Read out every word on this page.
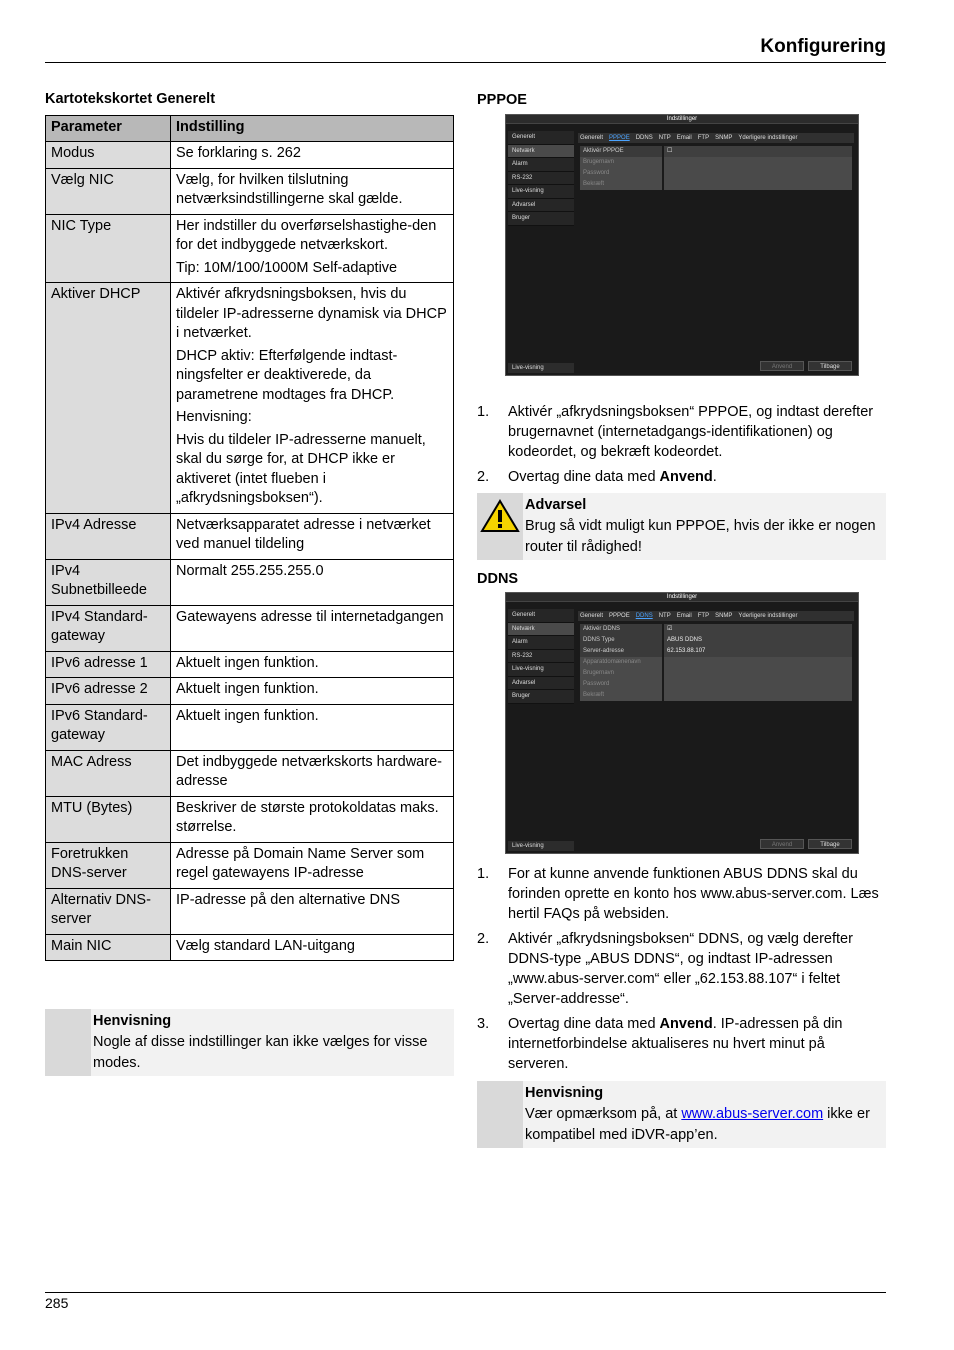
Konfigurering
Kartotekskortet Generelt
Parameter	Indstilling
Modus	Se forklaring s. 262

Vælg NIC	Vælg, for hvilken tilslutning netværksindstillingerne skal gælde.

NIC Type	Her indstiller du overførselshastighe-den for det indbyggede netværkskort.
Tip: 10M/100/1000M Self-adaptive

Aktiver DHCP	Aktivér afkrydsningsboksen, hvis du tildeler IP-adresserne dynamisk via DHCP i netværket.
DHCP aktiv: Efterfølgende indtast-ningsfelter er deaktiverede, da parametrene modtages fra DHCP.
Henvisning:
Hvis du tildeler IP-adresserne manuelt, skal du sørge for, at DHCP ikke er aktiveret (intet flueben i „afkrydsningsboksen“).

IPv4 Adresse	Netværksapparatet adresse i netværket ved manuel tildeling

IPv4 Subnetbilleede	Normalt 255.255.255.0

IPv4 Standard-gateway	Gatewayens adresse til internetadgangen

IPv6 adresse 1	Aktuelt ingen funktion.

IPv6 adresse 2	Aktuelt ingen funktion.

IPv6 Standard-gateway	Aktuelt ingen funktion.

MAC Adress	Det indbyggede netværkskorts hardware-adresse

MTU (Bytes)	Beskriver de største protokoldatas maks. størrelse.

Foretrukken DNS-server	Adresse på Domain Name Server som regel gatewayens IP-adresse

Alternativ DNS-server	IP-adresse på den alternative DNS

Main NIC	Vælg standard LAN-uitgang
Henvisning
Nogle af disse indstillinger kan ikke vælges for visse modes.
PPPOE
Indstillinger
Generelt
Netværk
Alarm
RS-232
Live-visning
Advarsel
Bruger
Generelt PPPOE DDNS NTP Email FTP SNMP Yderligere indstillinger
Aktivér PPPOE	☐
Brugernavn
Password
Bekræft
Live-visning	Anvend	Tilbage
1.	Aktivér „afkrydsningsboksen“ PPPOE, og indtast derefter brugernavnet (internetadgangs-identifikationen) og kodeordet, og bekræft kodeordet.
2.	Overtag dine data med Anvend.
Advarsel
Brug så vidt muligt kun PPPOE, hvis der ikke er nogen router til rådighed!
DDNS
Indstillinger
Generelt
Netværk
Alarm
RS-232
Live-visning
Advarsel
Bruger
Generelt PPPOE DDNS NTP Email FTP SNMP Yderligere indstillinger
Aktivér DDNS	☑
DDNS Type	ABUS DDNS
Server-adresse	62.153.88.107
Apparatdomænenavn
Brugernavn
Password
Bekræft
Live-visning	Anvend	Tilbage
1.	For at kunne anvende funktionen ABUS DDNS skal du forinden oprette en konto hos www.abus-server.com. Læs hertil FAQs på websiden.
2.	Aktivér „afkrydsningsboksen“ DDNS, og vælg derefter DDNS-type „ABUS DDNS“, og indtast IP-adressen „www.abus-server.com“ eller „62.153.88.107“ i feltet „Server-addresse“.
3.	Overtag dine data med Anvend. IP-adressen på din internetforbindelse aktualiseres nu hvert minut på serveren.
Henvisning
Vær opmærksom på, at www.abus-server.com ikke er kompatibel med iDVR-app’en.
285
